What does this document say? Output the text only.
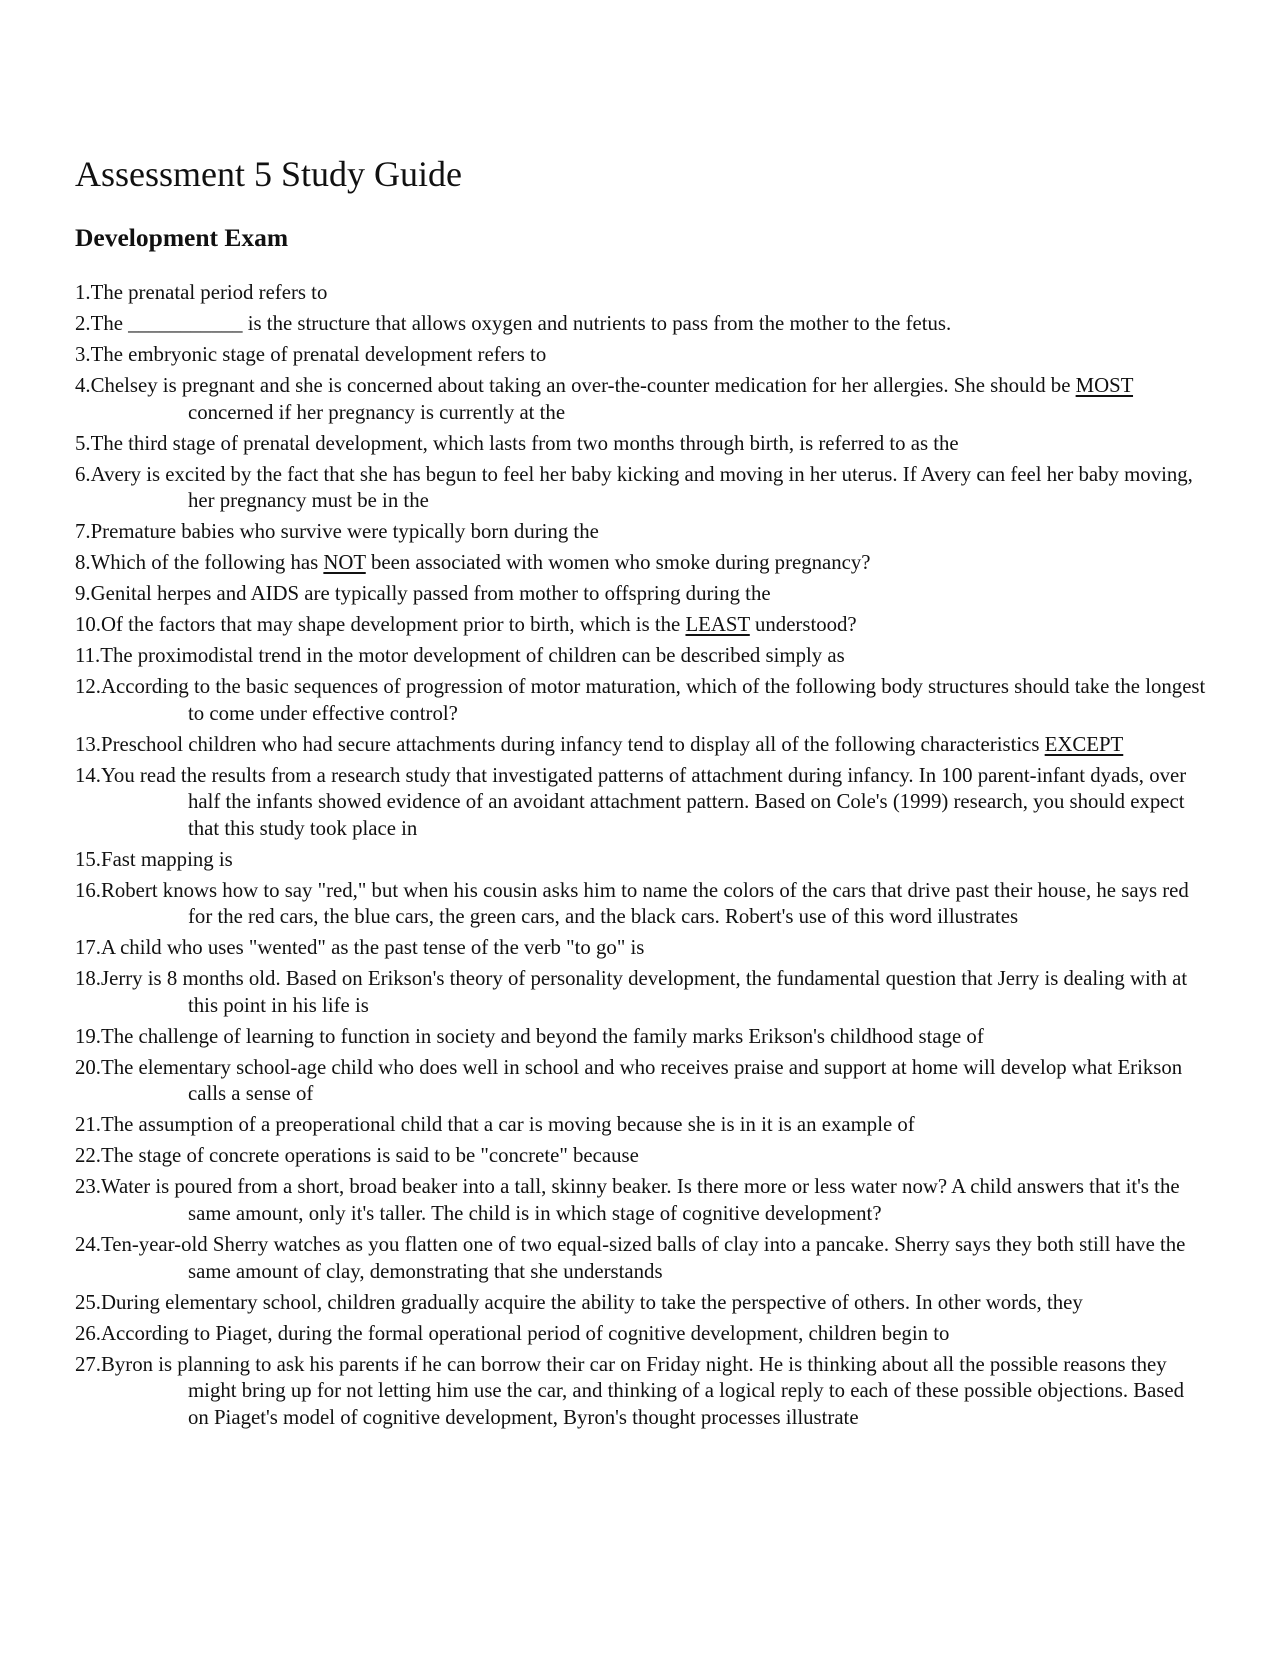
Assessment 5 Study Guide
Development Exam
1.The prenatal period refers to
2.The ___________ is the structure that allows oxygen and nutrients to pass from the mother to the fetus.
3.The embryonic stage of prenatal development refers to
4.Chelsey is pregnant and she is concerned about taking an over-the-counter medication for her allergies. She should be MOST concerned if her pregnancy is currently at the
5.The third stage of prenatal development, which lasts from two months through birth, is referred to as the
6.Avery is excited by the fact that she has begun to feel her baby kicking and moving in her uterus. If Avery can feel her baby moving, her pregnancy must be in the
7.Premature babies who survive were typically born during the
8.Which of the following has NOT been associated with women who smoke during pregnancy?
9.Genital herpes and AIDS are typically passed from mother to offspring during the
10.Of the factors that may shape development prior to birth, which is the LEAST understood?
11.The proximodistal trend in the motor development of children can be described simply as
12.According to the basic sequences of progression of motor maturation, which of the following body structures should take the longest to come under effective control?
13.Preschool children who had secure attachments during infancy tend to display all of the following characteristics EXCEPT
14.You read the results from a research study that investigated patterns of attachment during infancy. In 100 parent-infant dyads, over half the infants showed evidence of an avoidant attachment pattern. Based on Cole's (1999) research, you should expect that this study took place in
15.Fast mapping is
16.Robert knows how to say "red," but when his cousin asks him to name the colors of the cars that drive past their house, he says red for the red cars, the blue cars, the green cars, and the black cars. Robert's use of this word illustrates
17.A child who uses "wented" as the past tense of the verb "to go" is
18.Jerry is 8 months old. Based on Erikson's theory of personality development, the fundamental question that Jerry is dealing with at this point in his life is
19.The challenge of learning to function in society and beyond the family marks Erikson's childhood stage of
20.The elementary school-age child who does well in school and who receives praise and support at home will develop what Erikson calls a sense of
21.The assumption of a preoperational child that a car is moving because she is in it is an example of
22.The stage of concrete operations is said to be "concrete" because
23.Water is poured from a short, broad beaker into a tall, skinny beaker. Is there more or less water now? A child answers that it's the same amount, only it's taller. The child is in which stage of cognitive development?
24.Ten-year-old Sherry watches as you flatten one of two equal-sized balls of clay into a pancake. Sherry says they both still have the same amount of clay, demonstrating that she understands
25.During elementary school, children gradually acquire the ability to take the perspective of others. In other words, they
26.According to Piaget, during the formal operational period of cognitive development, children begin to
27.Byron is planning to ask his parents if he can borrow their car on Friday night. He is thinking about all the possible reasons they might bring up for not letting him use the car, and thinking of a logical reply to each of these possible objections. Based on Piaget's model of cognitive development, Byron's thought processes illustrate
